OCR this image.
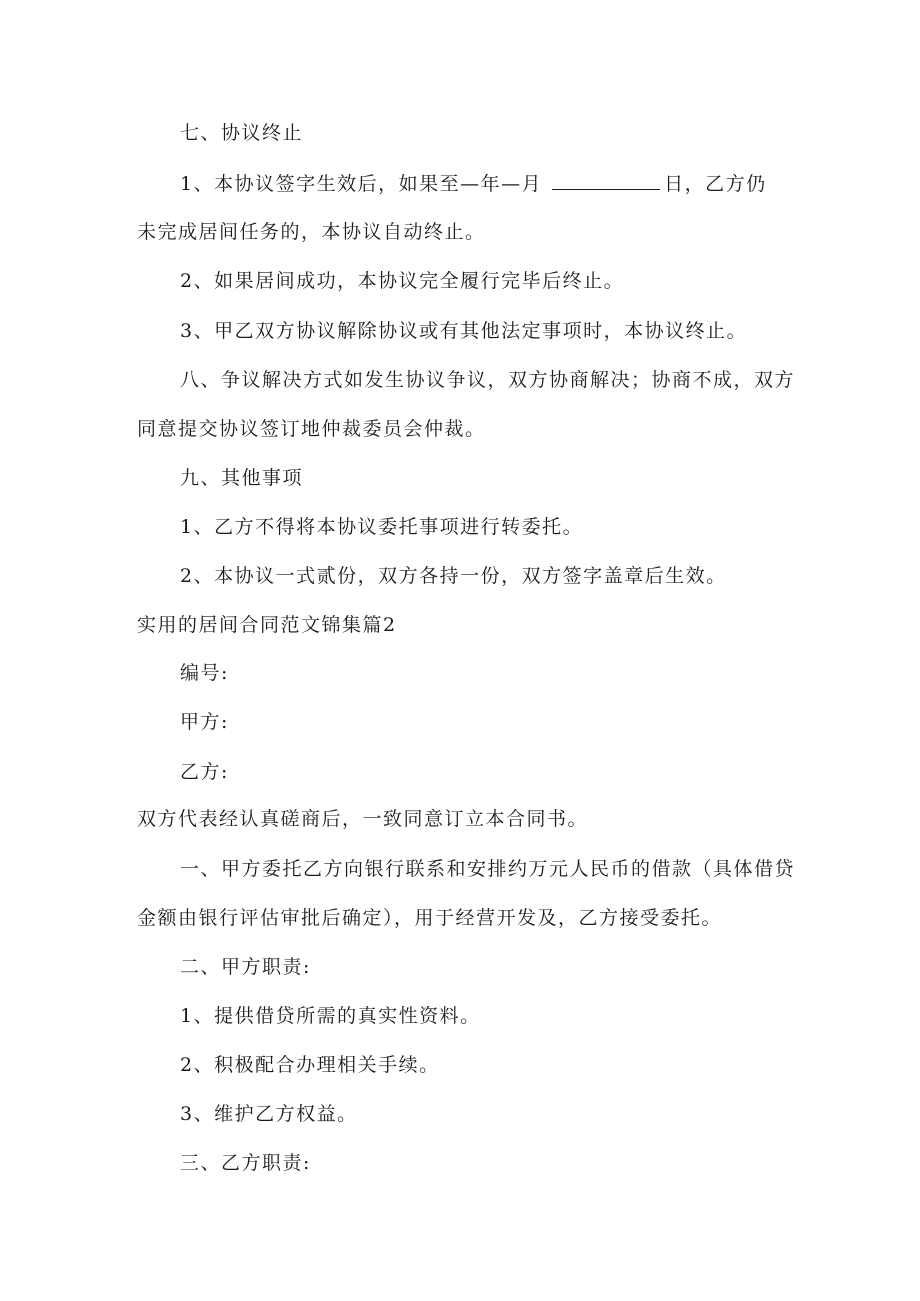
七、协议终止
1、本协议签字生效后，如果至—年—月	日，乙方仍
未完成居间任务的，本协议自动终止。
2、如果居间成功，本协议完全履行完毕后终止。
3、甲乙双方协议解除协议或有其他法定事项时，本协议终止。
八、争议解决方式如发生协议争议，双方协商解决；协商不成，双方
同意提交协议签订地仲裁委员会仲裁。
九、其他事项
1、乙方不得将本协议委托事项进行转委托。
2、本协议一式贰份，双方各持一份，双方签字盖章后生效。
实用的居间合同范文锦集篇2
编号:
甲方:
乙方:
双方代表经认真磋商后，一致同意订立本合同书。
一、甲方委托乙方向银行联系和安排约万元人民币的借款（具体借贷
金额由银行评估审批后确定），用于经营开发及，乙方接受委托。
二、甲方职责:
1、提供借贷所需的真实性资料。
2、积极配合办理相关手续。
3、维护乙方权益。
三、乙方职责:
